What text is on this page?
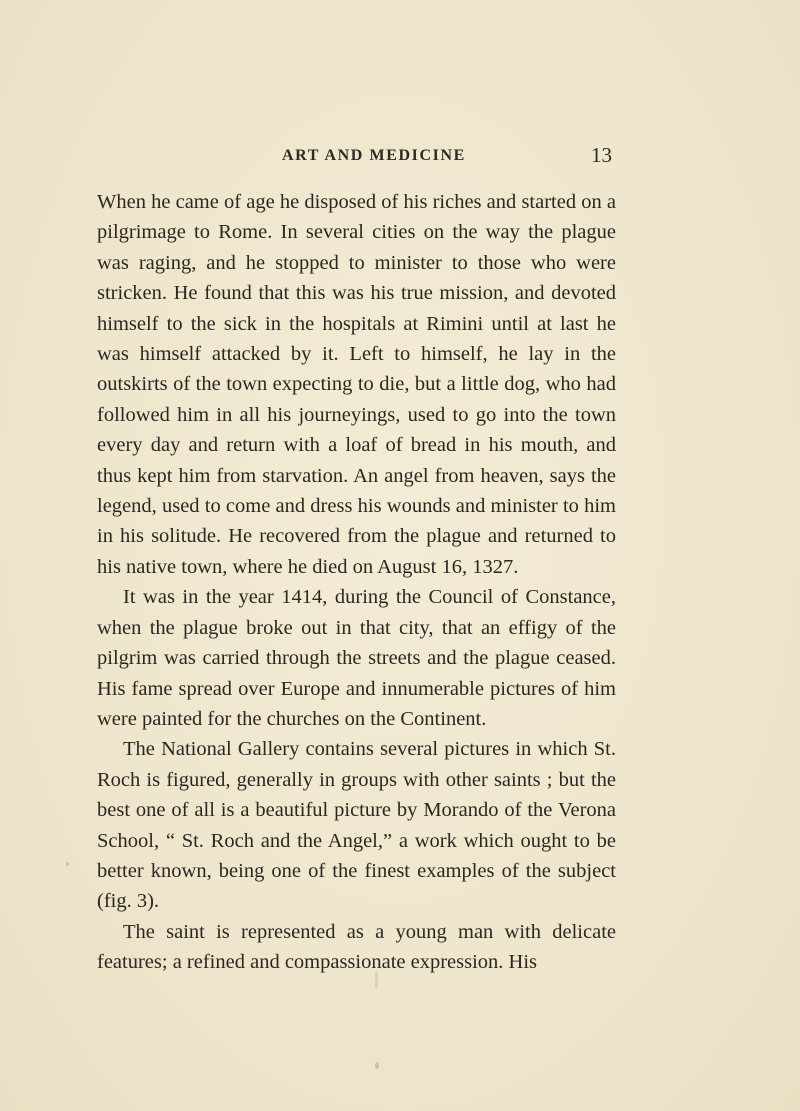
ART AND MEDICINE	13

When he came of age he disposed of his riches and started on a pilgrimage to Rome. In several cities on the way the plague was raging, and he stopped to minister to those who were stricken. He found that this was his true mission, and devoted himself to the sick in the hospitals at Rimini until at last he was himself attacked by it. Left to himself, he lay in the outskirts of the town expecting to die, but a little dog, who had followed him in all his journeyings, used to go into the town every day and return with a loaf of bread in his mouth, and thus kept him from starvation. An angel from heaven, says the legend, used to come and dress his wounds and minister to him in his solitude. He recovered from the plague and returned to his native town, where he died on August 16, 1327.

It was in the year 1414, during the Council of Constance, when the plague broke out in that city, that an effigy of the pilgrim was carried through the streets and the plague ceased. His fame spread over Europe and innumerable pictures of him were painted for the churches on the Continent.

The National Gallery contains several pictures in which St. Roch is figured, generally in groups with other saints ; but the best one of all is a beautiful picture by Morando of the Verona School, “ St. Roch and the Angel,” a work which ought to be better known, being one of the finest examples of the subject (fig. 3).

The saint is represented as a young man with delicate features; a refined and compassionate expression. His
